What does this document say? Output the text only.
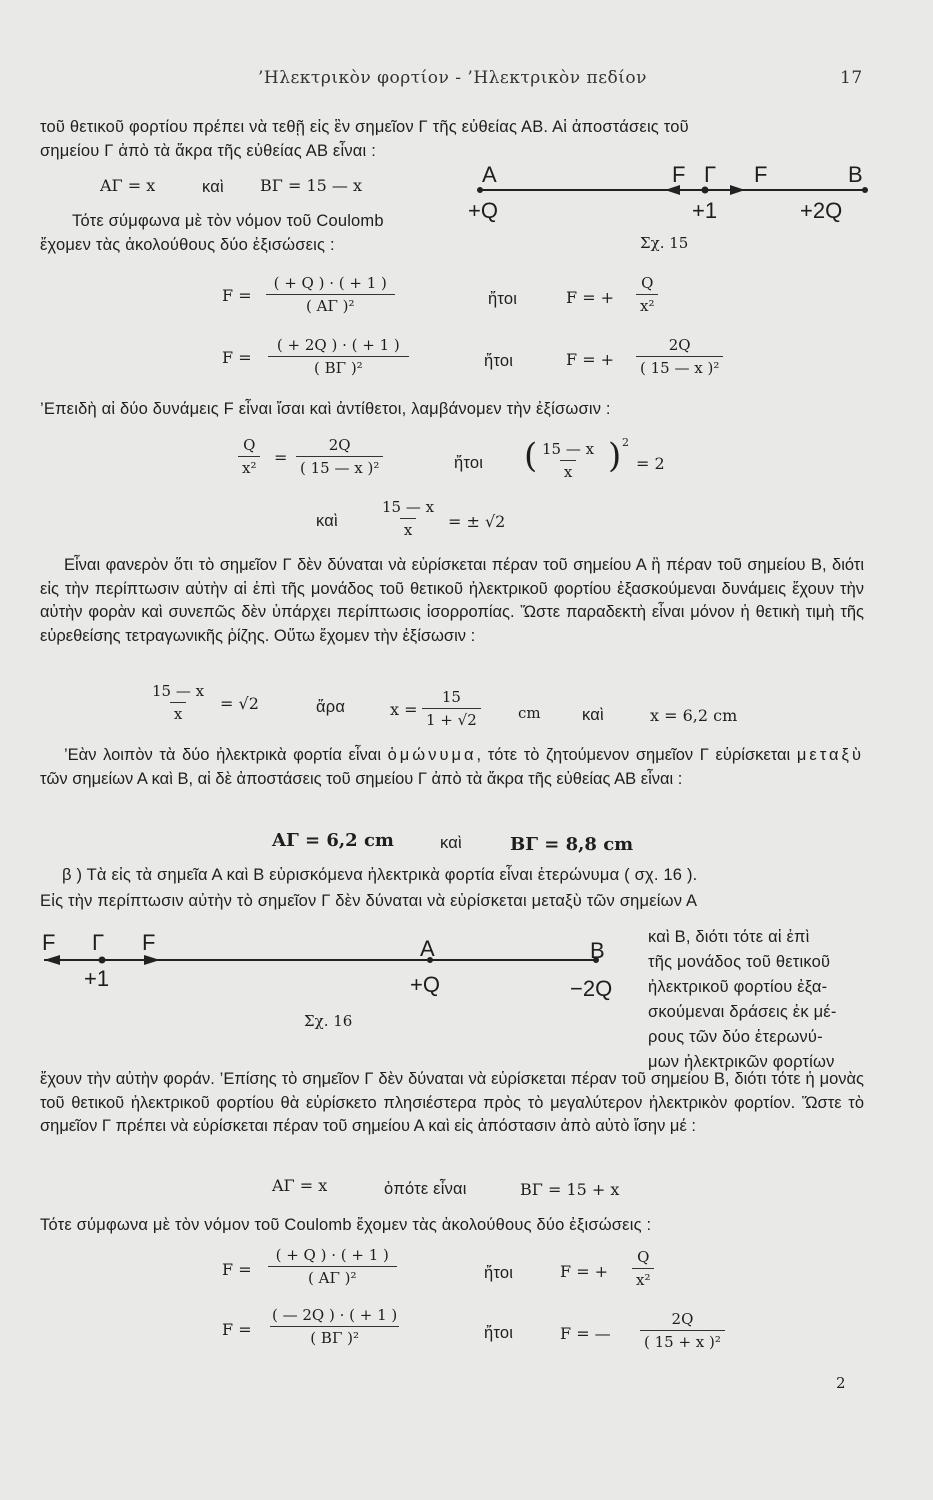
’Ηλεκτρικὸν φορτίον - ’Ηλεκτρικὸν πεδίον	17
τοῦ θετικοῦ φορτίου πρέπει νὰ τεθῇ εἰς ἓν σημεῖον Γ τῆς εὐθείας ΑΒ. Αἱ ἀποστάσεις τοῦ
σημείου Γ ἀπὸ τὰ ἄκρα τῆς εὐθείας ΑΒ εἶναι :
ΑΓ = x	καὶ ΒΓ = 15 — x
Τότε σύμφωνα μὲ τὸν νόμον τοῦ Coulomb
ἔχομεν τὰς ἀκολούθους δύο ἐξισώσεις :
A	F Γ F	B
+Q	+1	+2Q
Σχ. 15
$F = \frac{( + Q ) \cdot ( + 1 )}{\text{( ΑΓ )²}}$	ἤτοι	F = + $\frac{Q}{\text{x²}}$
$F = \frac{( + 2Q ) \cdot ( + 1 )}{\text{( ΒΓ )²}}$	ἤτοι	F = + $\frac{2Q}{\text{( 15 — x )²}}$
’Επειδὴ αἱ δύο δυνάμεις F εἶναι ἴσαι καὶ ἀντίθετοι, λαμβάνομεν τὴν ἐξίσωσιν :
$\frac{Q}{\text{x²}} = \frac{2Q}{\text{( 15 — x )²}}$	ἤτοι ( $\frac{15 — x}{x}$ ) 2
= 2
καὶ	$\frac{15 — x}{x}$ = ± √2
Εἶναι φανερὸν ὅτι τὸ σημεῖον Γ δὲν δύναται νὰ εὑρίσκεται πέραν τοῦ σημείου Α ἢ πέραν τοῦ σημείου Β, διότι εἰς τὴν περίπτωσιν αὐτὴν αἱ ἐπὶ τῆς μονάδος τοῦ θετικοῦ ἠλεκτρικοῦ φορτίου ἐξασκούμεναι δυνάμεις ἔχουν τὴν αὐτὴν φορὰν καὶ συνεπῶς δὲν ὑπάρχει περίπτωσις ἰσορροπίας. Ὥστε παραδεκτὴ εἶναι μόνον ἡ θετικὴ τιμὴ τῆς εὑρεθείσης τετραγωνικῆς ῥίζης. Οὕτω ἔχομεν τὴν ἐξίσωσιν :
$\frac{15 — x}{x} = √2$	ἄρα	$x = \frac{15}{1 + √2}$ cm	καὶ	x = 6,2 cm
’Εὰν λοιπὸν τὰ δύο ἠλεκτρικὰ φορτία εἶναι ὁμώνυμα, τότε τὸ ζητούμενον σημεῖον Γ εὑρίσκεται μεταξὺ τῶν σημείων Α καὶ Β, αἱ δὲ ἀποστάσεις τοῦ σημείου Γ ἀπὸ τὰ ἄκρα τῆς εὐθείας ΑΒ εἶναι :
ΑΓ = 6,2 cm	καὶ	ΒΓ = 8,8 cm
β ) Τὰ εἰς τὰ σημεῖα Α καὶ Β εὑρισκόμενα ἠλεκτρικὰ φορτία εἶναι ἑτερώνυμα ( σχ. 16 ).
Εἰς τὴν περίπτωσιν αὐτὴν τὸ σημεῖον Γ δὲν δύναται νὰ εὑρίσκεται μεταξὺ τῶν σημείων Α
F Γ F	A	B
+1	+Q	−2Q
Σχ. 16
καὶ Β, διότι τότε αἱ ἐπὶ
τῆς μονάδος τοῦ θετικοῦ
ἠλεκτρικοῦ φορτίου ἐξα-
σκούμεναι δράσεις ἐκ μέ-
ρους τῶν δύο ἑτερωνύ-
μων ἠλεκτρικῶν φορτίων
ἔχουν τὴν αὐτὴν φοράν. ’Επίσης τὸ σημεῖον Γ δὲν δύναται νὰ εὑρίσκεται πέραν τοῦ σημείου Β, διότι τότε ἡ μονὰς τοῦ θετικοῦ ἠλεκτρικοῦ φορτίου θὰ εὑρίσκετο πλησιέστερα πρὸς τὸ μεγαλύτερον ἠλεκτρικὸν φορτίον. Ὥστε τὸ σημεῖον Γ πρέπει νὰ εὑρίσκεται πέραν τοῦ σημείου Α καὶ εἰς ἀπόστασιν ἀπὸ αὐτὸ ἴσην μέ :
ΑΓ = x	ὁπότε εἶναι	ΒΓ = 15 + x
Τότε σύμφωνα μὲ τὸν νόμον τοῦ Coulomb ἔχομεν τὰς ἀκολούθους δύο ἐξισώσεις :
$F = \frac{( + Q ) \cdot ( + 1 )}{\text{( ΑΓ )²}}$	ἤτοι	F = + $\frac{Q}{\text{x²}}$
$F = \frac{( — 2Q ) \cdot ( + 1 )}{\text{( ΒΓ )²}}$	ἤτοι	F = — $\frac{2Q}{\text{( 15 + x )²}}$
2
